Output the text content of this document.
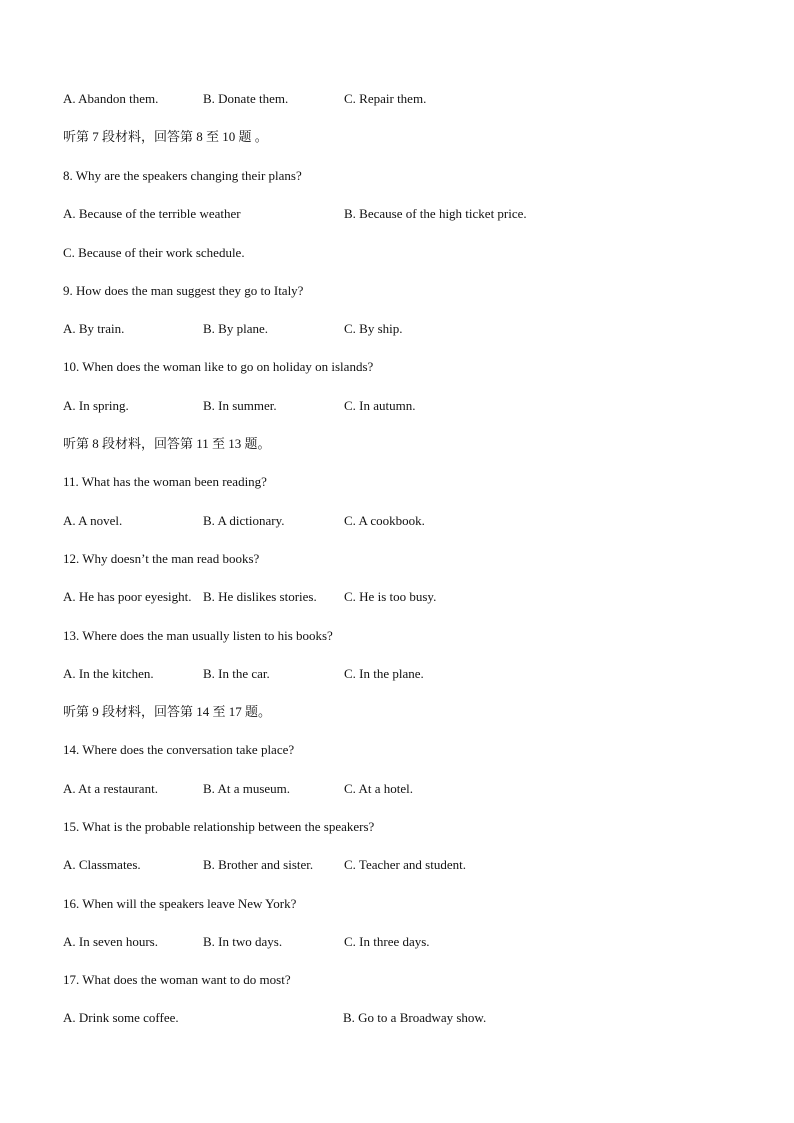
A. Abandon them.	B. Donate them.	C. Repair them.
听第 7 段材料，回答第 8 至 10 题 。
8. Why are the speakers changing their plans?
A. Because of the terrible weather	B. Because of the high ticket price.
C. Because of their work schedule.
9. How does the man suggest they go to Italy?
A. By train.	B. By plane.	C. By ship.
10. When does the woman like to go on holiday on islands?
A. In spring.	B. In summer.	C. In autumn.
听第 8 段材料，回答第 11 至 13 题。
11. What has the woman been reading?
A. A novel.	B. A dictionary.	C. A cookbook.
12. Why doesn’t the man read books?
A. He has poor eyesight. B. He dislikes stories. C. He is too busy.
13. Where does the man usually listen to his books?
A. In the kitchen.	B. In the car.	C. In the plane.
听第 9 段材料，回答第 14 至 17 题。
14. Where does the conversation take place?
A. At a restaurant.	B. At a museum.	C. At a hotel.
15. What is the probable relationship between the speakers?
A. Classmates.	B. Brother and sister. C. Teacher and student.
16. When will the speakers leave New York?
A. In seven hours.	B. In two days.	C. In three days.
17. What does the woman want to do most?
A. Drink some coffee.	B. Go to a Broadway show.
